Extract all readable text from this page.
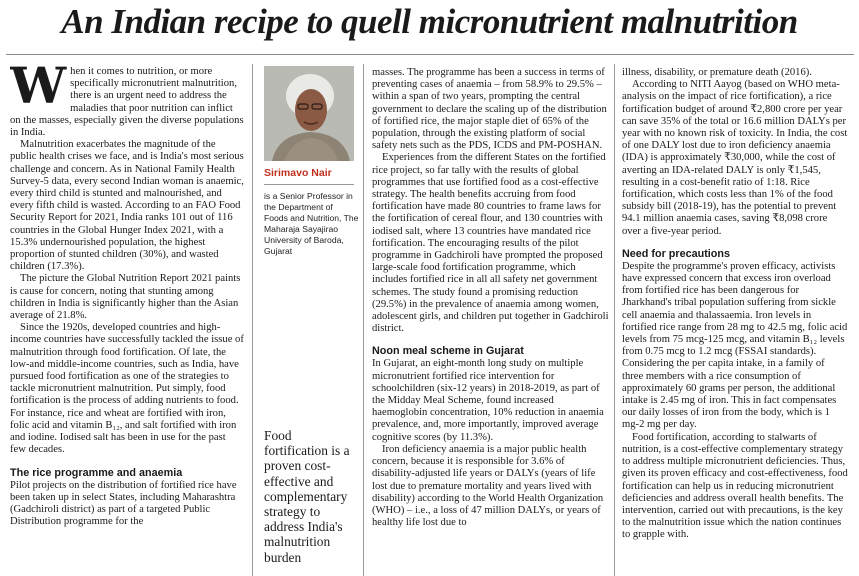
An Indian recipe to quell micronutrient malnutrition

When it comes to nutrition, or more specifically micronutrient malnutrition, there is an urgent need to address the maladies that poor nutrition can inflict on the masses, especially given the diverse populations in India.

Malnutrition exacerbates the magnitude of the public health crises we face, and is India's most serious challenge and concern. As in National Family Health Survey-5 data, every second Indian woman is anaemic, every third child is stunted and malnourished, and every fifth child is wasted. According to an FAO Food Security Report for 2021, India ranks 101 out of 116 countries in the Global Hunger Index 2021, with a 15.3% undernourished population, the highest proportion of stunted children (30%), and wasted children (17.3%).

The picture the Global Nutrition Report 2021 paints is cause for concern, noting that stunting among children in India is significantly higher than the Asian average of 21.8%.

Since the 1920s, developed countries and high-income countries have successfully tackled the issue of malnutrition through food fortification. Of late, the low-and middle-income countries, such as India, have pursued food fortification as one of the strategies to tackle micronutrient malnutrition. Put simply, food fortification is the process of adding nutrients to food. For instance, rice and wheat are fortified with iron, folic acid and vitamin B₁₂, and salt fortified with iron and iodine. Iodised salt has been in use for the past few decades.

The rice programme and anaemia

Pilot projects on the distribution of fortified rice have been taken up in select States, including Maharashtra (Gadchiroli district) as part of a targeted Public Distribution programme for the

Sirimavo Nair
is a Senior Professor in the Department of Foods and Nutrition, The Maharaja Sayajirao University of Baroda, Gujarat
Food fortification is a proven cost-effective and complementary strategy to address India's malnutrition burden

masses. The programme has been a success in terms of preventing cases of anaemia – from 58.9% to 29.5% – within a span of two years, prompting the central government to declare the scaling up of the distribution of fortified rice, the major staple diet of 65% of the population, through the existing platform of social safety nets such as the PDS, ICDS and PM-POSHAN.

Experiences from the different States on the fortified rice project, so far tally with the results of global programmes that use fortified food as a cost-effective strategy. The health benefits accruing from food fortification have made 80 countries to frame laws for the fortification of cereal flour, and 130 countries with iodised salt, where 13 countries have mandated rice fortification. The encouraging results of the pilot programme in Gadchiroli have prompted the proposed large-scale food fortification programme, which includes fortified rice in all all safety net government schemes. The study found a promising reduction (29.5%) in the prevalence of anaemia among women, adolescent girls, and children put together in Gadchiroli district.

Noon meal scheme in Gujarat

In Gujarat, an eight-month long study on multiple micronutrient fortified rice intervention for schoolchildren (six-12 years) in 2018-2019, as part of the Midday Meal Scheme, found increased haemoglobin concentration, 10% reduction in anaemia prevalence, and, more importantly, improved average cognitive scores (by 11.3%).

Iron deficiency anaemia is a major public health concern, because it is responsible for 3.6% of disability-adjusted life years or DALYs (years of life lost due to premature mortality and years lived with disability) according to the World Health Organization (WHO) – i.e., a loss of 47 million DALYs, or years of healthy life lost due to

illness, disability, or premature death (2016).

According to NITI Aayog (based on WHO meta-analysis on the impact of rice fortification), a rice fortification budget of around ₹2,800 crore per year can save 35% of the total or 16.6 million DALYs per year with no known risk of toxicity. In India, the cost of one DALY lost due to iron deficiency anaemia (IDA) is approximately ₹30,000, while the cost of averting an IDA-related DALY is only ₹1,545, resulting in a cost-benefit ratio of 1:18. Rice fortification, which costs less than 1% of the food subsidy bill (2018-19), has the potential to prevent 94.1 million anaemia cases, saving ₹8,098 crore over a five-year period.

Need for precautions

Despite the programme's proven efficacy, activists have expressed concern that excess iron overload from fortified rice has been dangerous for Jharkhand's tribal population suffering from sickle cell anaemia and thalassaemia. Iron levels in fortified rice range from 28 mg to 42.5 mg, folic acid levels from 75 mcg-125 mcg, and vitamin B₁₂ levels from 0.75 mcg to 1.2 mcg (FSSAI standards). Considering the per capita intake, in a family of three members with a rice consumption of approximately 60 grams per person, the additional intake is 2.45 mg of iron. This in fact compensates our daily losses of iron from the body, which is 1 mg-2 mg per day.

Food fortification, according to stalwarts of nutrition, is a cost-effective complementary strategy to address multiple micronutrient deficiencies. Thus, given its proven efficacy and cost-effectiveness, food fortification can help us in reducing micronutrient deficiencies and address overall health benefits. The intervention, carried out with precautions, is the key to the malnutrition issue which the nation continues to grapple with.
